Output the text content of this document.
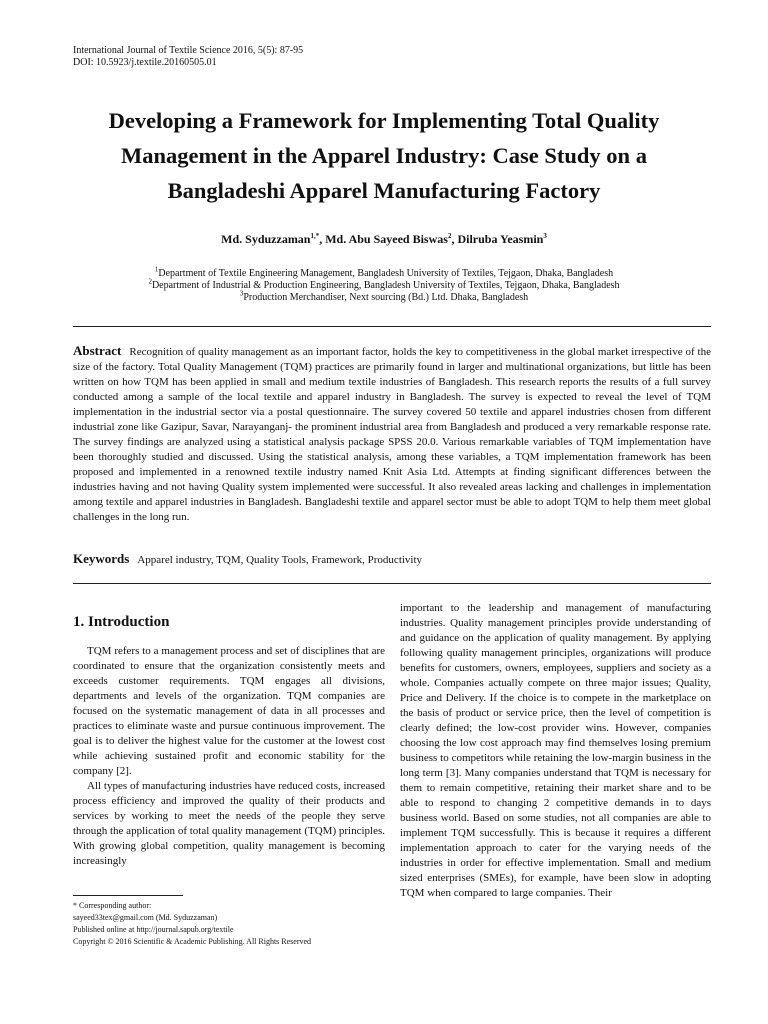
International Journal of Textile Science 2016, 5(5): 87-95
DOI: 10.5923/j.textile.20160505.01
Developing a Framework for Implementing Total Quality
Management in the Apparel Industry: Case Study on a
Bangladeshi Apparel Manufacturing Factory
Md. Syduzzaman$^{1,*}$, Md. Abu Sayeed Biswas$^2$, Dilruba Yeasmin$^3$
$^1$Department of Textile Engineering Management, Bangladesh University of Textiles, Tejgaon, Dhaka, Bangladesh
$^2$Department of Industrial & Production Engineering, Bangladesh University of Textiles, Tejgaon, Dhaka, Bangladesh
$^3$Production Merchandiser, Next sourcing (Bd.) Ltd. Dhaka, Bangladesh
Abstract Recognition of quality management as an important factor, holds the key to competitiveness in the global market irrespective of the size of the factory. Total Quality Management (TQM) practices are primarily found in larger and multinational organizations, but little has been written on how TQM has been applied in small and medium textile industries of Bangladesh. This research reports the results of a full survey conducted among a sample of the local textile and apparel industry in Bangladesh. The survey is expected to reveal the level of TQM implementation in the industrial sector via a postal questionnaire. The survey covered 50 textile and apparel industries chosen from different industrial zone like Gazipur, Savar, Narayanganj- the prominent industrial area from Bangladesh and produced a very remarkable response rate. The survey findings are analyzed using a statistical analysis package SPSS 20.0. Various remarkable variables of TQM implementation have been thoroughly studied and discussed. Using the statistical analysis, among these variables, a TQM implementation framework has been proposed and implemented in a renowned textile industry named Knit Asia Ltd. Attempts at finding significant differences between the industries having and not having Quality system implemented were successful. It also revealed areas lacking and challenges in implementation among textile and apparel industries in Bangladesh. Bangladeshi textile and apparel sector must be able to adopt TQM to help them meet global challenges in the long run.
Keywords Apparel industry, TQM, Quality Tools, Framework, Productivity
1. Introduction

TQM refers to a management process and set of disciplines that are coordinated to ensure that the organization consistently meets and exceeds customer requirements. TQM engages all divisions, departments and levels of the organization. TQM companies are focused on the systematic management of data in all processes and practices to eliminate waste and pursue continuous improvement. The goal is to deliver the highest value for the customer at the lowest cost while achieving sustained profit and economic stability for the company [2].

All types of manufacturing industries have reduced costs, increased process efficiency and improved the quality of their products and services by working to meet the needs of the people they serve through the application of total quality management (TQM) principles. With growing global competition, quality management is becoming increasingly

important to the leadership and management of manufacturing industries. Quality management principles provide understanding of and guidance on the application of quality management. By applying following quality management principles, organizations will produce benefits for customers, owners, employees, suppliers and society as a whole. Companies actually compete on three major issues; Quality, Price and Delivery. If the choice is to compete in the marketplace on the basis of product or service price, then the level of competition is clearly defined; the low-cost provider wins. However, companies choosing the low cost approach may find themselves losing premium business to competitors while retaining the low-margin business in the long term [3]. Many companies understand that TQM is necessary for them to remain competitive, retaining their market share and to be able to respond to changing 2 competitive demands in to days business world. Based on some studies, not all companies are able to implement TQM successfully. This is because it requires a different implementation approach to cater for the varying needs of the industries in order for effective implementation. Small and medium sized enterprises (SMEs), for example, have been slow in adopting TQM when compared to large companies. Their

* Corresponding author:
sayeed33tex@gmail.com (Md. Syduzzaman)
Published online at http://journal.sapub.org/textile
Copyright © 2016 Scientific & Academic Publishing. All Rights Reserved
